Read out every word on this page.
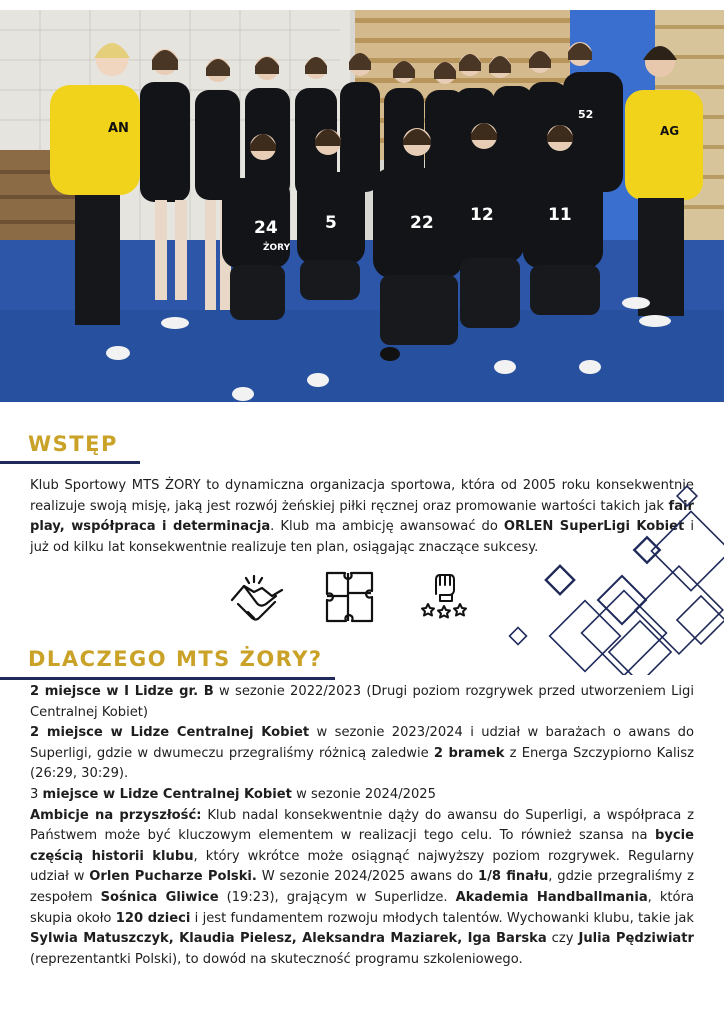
AN	AG
52
24	5	22 12	11
ŻORY
WSTĘP
Klub Sportowy MTS ŻORY to dynamiczna organizacja sportowa, która od 2005 roku konsekwentnie realizuje swoją misję, jaką jest rozwój żeńskiej piłki ręcznej oraz promowanie wartości takich jak fair play, współpraca i determinacja. Klub ma ambicję awansować do ORLEN SuperLigi Kobiet i już od kilku lat konsekwentnie realizuje ten plan, osiągając znaczące sukcesy.
DLACZEGO MTS ŻORY?
2 miejsce w I Lidze gr. B w sezonie 2022/2023 (Drugi poziom rozgrywek przed utworzeniem Ligi Centralnej Kobiet)
2 miejsce w Lidze Centralnej Kobiet w sezonie 2023/2024 i udział w barażach o awans do Superligi, gdzie w dwumeczu przegraliśmy różnicą zaledwie 2 bramek z Energa Szczypiorno Kalisz (26:29, 30:29).
3 miejsce w Lidze Centralnej Kobiet w sezonie 2024/2025
Ambicje na przyszłość: Klub nadal konsekwentnie dąży do awansu do Superligi, a współpraca z Państwem może być kluczowym elementem w realizacji tego celu. To również szansa na bycie częścią historii klubu, który wkrótce może osiągnąć najwyższy poziom rozgrywek. Regularny udział w Orlen Pucharze Polski. W sezonie 2024/2025 awans do 1/8 finału, gdzie przegraliśmy z zespołem Sośnica Gliwice (19:23), grającym w Superlidze. Akademia Handballmania, która skupia około 120 dzieci i jest fundamentem rozwoju młodych talentów. Wychowanki klubu, takie jak Sylwia Matuszczyk, Klaudia Pielesz, Aleksandra Maziarek, Iga Barska czy Julia Pędziwiatr (reprezentantki Polski), to dowód na skuteczność programu szkoleniowego.
